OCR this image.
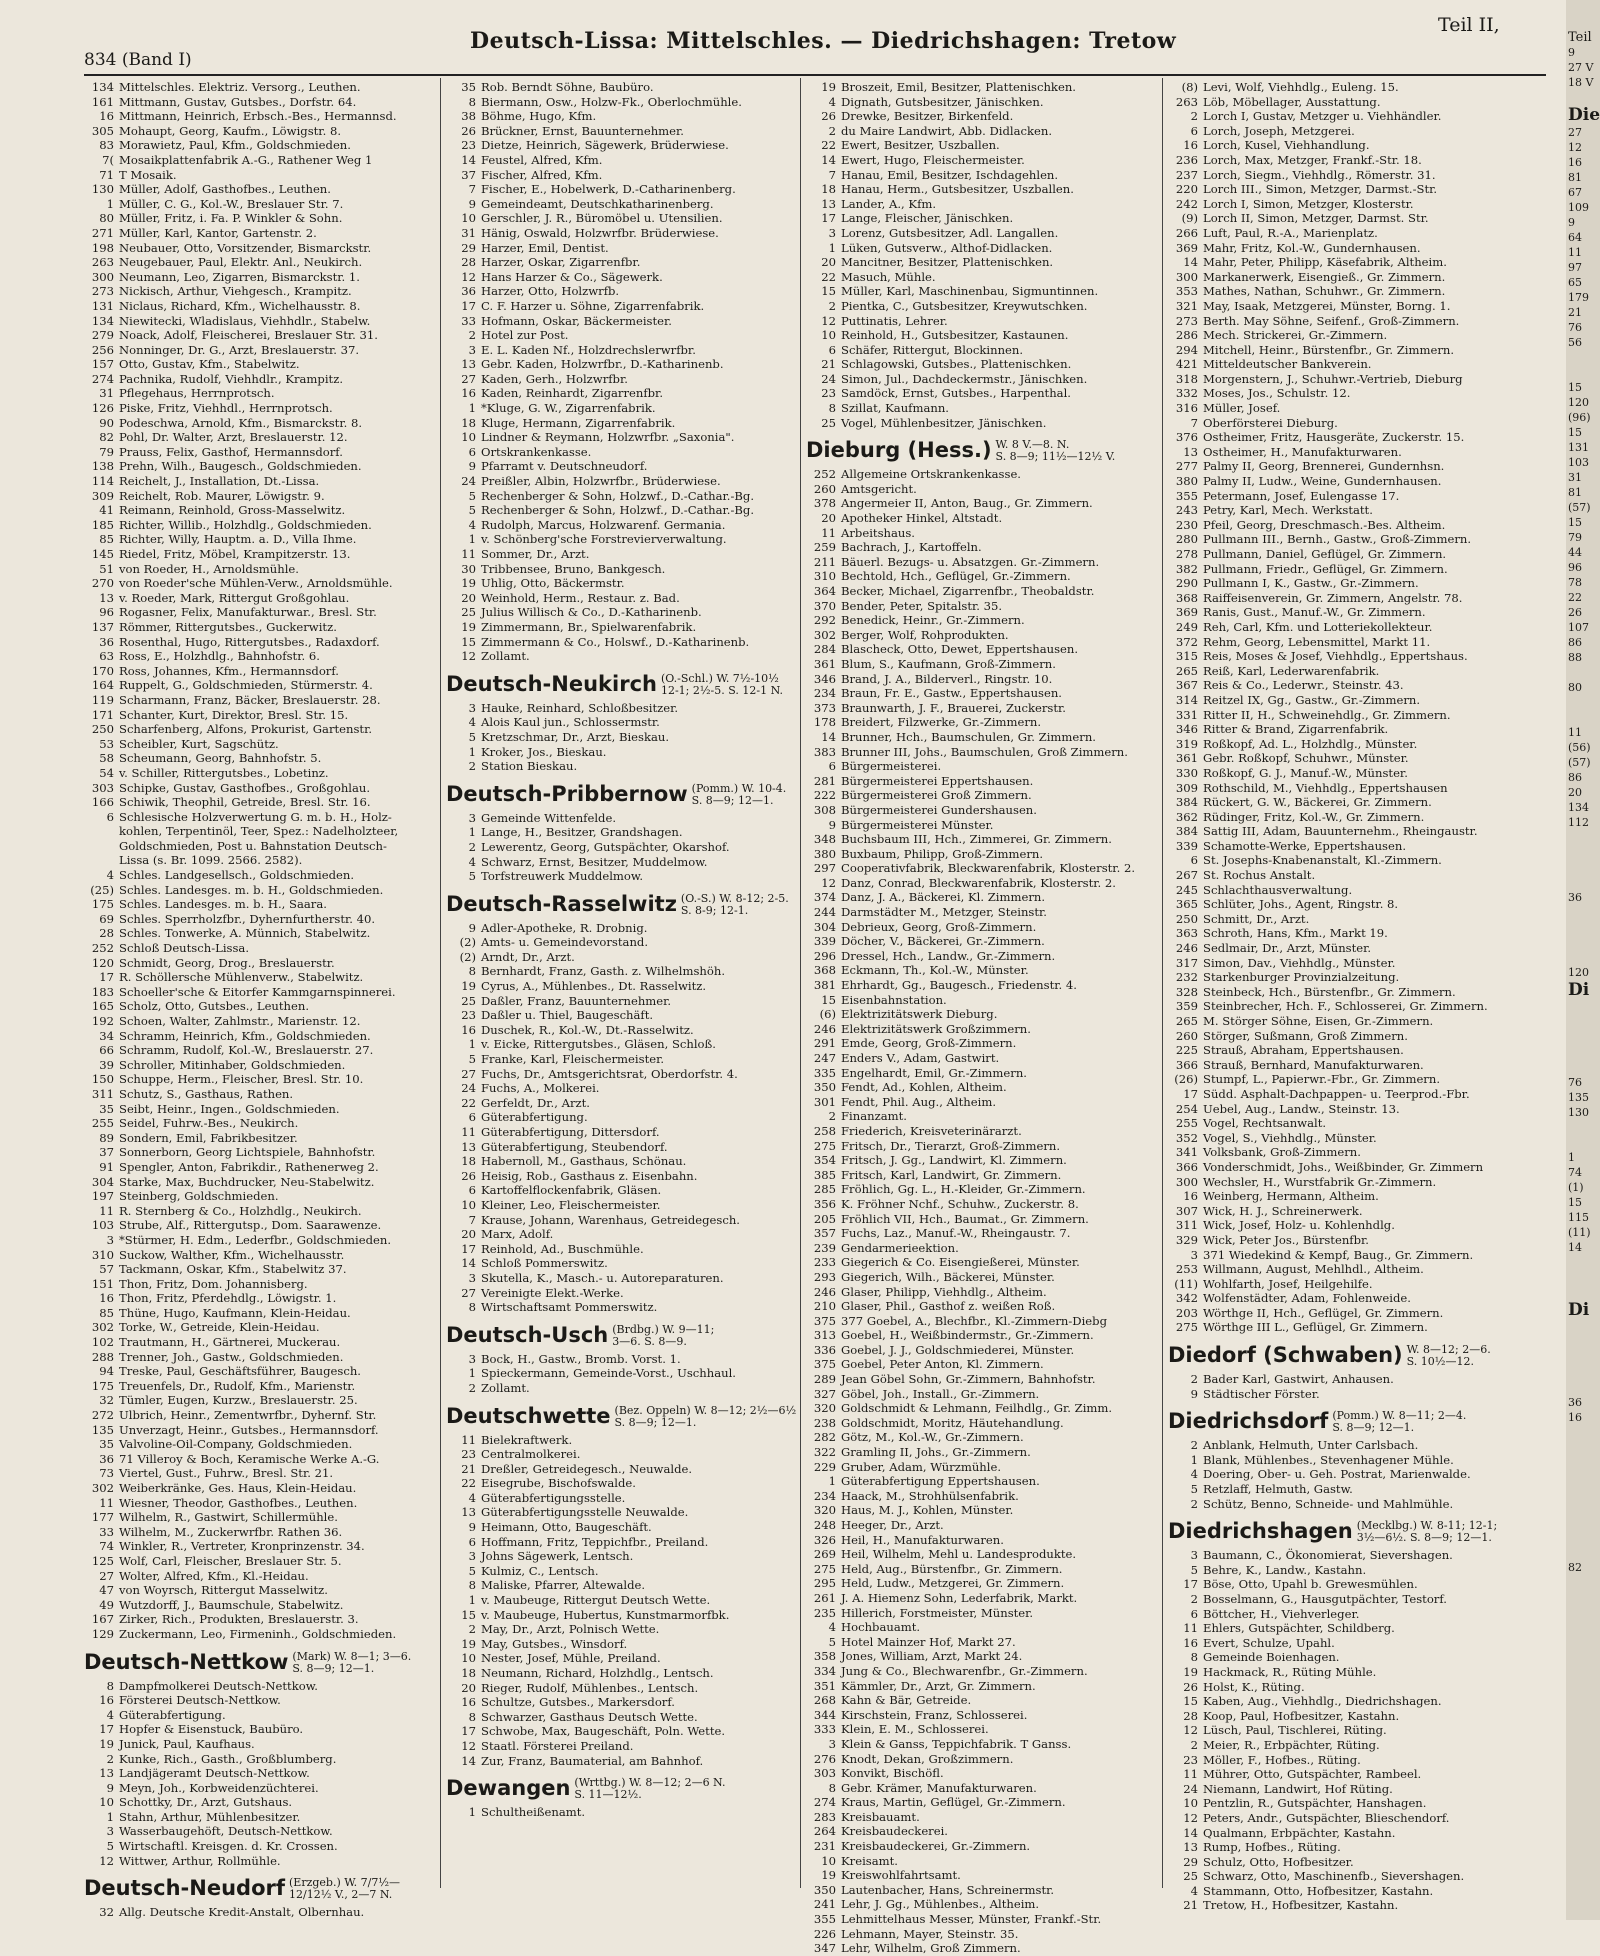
834 (Band I)
Deutsch-Lissa: Mittelschles. — Diedrichshagen: Tretow
Teil II,
134 Mittelschles. Elektriz. Versorg., Leuthen.
161 Mittmann, Gustav, Gutsbes., Dorfstr. 64.
16 Mittmann, Heinrich, Erbsch.-Bes., Hermannsd.
305 Mohaupt, Georg, Kaufm., Löwigstr. 8.
83 Morawietz, Paul, Kfm., Goldschmieden.
7( Mosaikplattenfabrik A.-G., Rathener Weg 1
71 T Mosaik.
130 Müller, Adolf, Gasthofbes., Leuthen.
1 Müller, C. G., Kol.-W., Breslauer Str. 7.
80 Müller, Fritz, i. Fa. P. Winkler & Sohn.
271 Müller, Karl, Kantor, Gartenstr. 2.
198 Neubauer, Otto, Vorsitzender, Bismarckstr.
263 Neugebauer, Paul, Elektr. Anl., Neukirch.
300 Neumann, Leo, Zigarren, Bismarckstr. 1.
273 Nickisch, Arthur, Viehgesch., Krampitz.
131 Niclaus, Richard, Kfm., Wichelhausstr. 8.
134 Niewitecki, Wladislaus, Viehhdlr., Stabelw.
279 Noack, Adolf, Fleischerei, Breslauer Str. 31.
256 Nonninger, Dr. G., Arzt, Breslauerstr. 37.
157 Otto, Gustav, Kfm., Stabelwitz.
274 Pachnika, Rudolf, Viehhdlr., Krampitz.
31 Pflegehaus, Herrnprotsch.
126 Piske, Fritz, Viehhdl., Herrnprotsch.
90 Podeschwa, Arnold, Kfm., Bismarckstr. 8.
82 Pohl, Dr. Walter, Arzt, Breslauerstr. 12.
79 Prauss, Felix, Gasthof, Hermannsdorf.
138 Prehn, Wilh., Baugesch., Goldschmieden.
114 Reichelt, J., Installation, Dt.-Lissa.
309 Reichelt, Rob. Maurer, Löwigstr. 9.
41 Reimann, Reinhold, Gross-Masselwitz.
185 Richter, Willib., Holzhdlg., Goldschmieden.
85 Richter, Willy, Hauptm. a. D., Villa Ihme.
145 Riedel, Fritz, Möbel, Krampitzerstr. 13.
51 von Roeder, H., Arnoldsmühle.
270 von Roeder'sche Mühlen-Verw., Arnoldsmühle.
13 v. Roeder, Mark, Rittergut Großgohlau.
96 Rogasner, Felix, Manufakturwar., Bresl. Str.
137 Römmer, Rittergutsbes., Guckerwitz.
36 Rosenthal, Hugo, Rittergutsbes., Radaxdorf.
63 Ross, E., Holzhdlg., Bahnhofstr. 6.
170 Ross, Johannes, Kfm., Hermannsdorf.
164 Ruppelt, G., Goldschmieden, Stürmerstr. 4.
119 Scharmann, Franz, Bäcker, Breslauerstr. 28.
171 Schanter, Kurt, Direktor, Bresl. Str. 15.
250 Scharfenberg, Alfons, Prokurist, Gartenstr.
53 Scheibler, Kurt, Sagschütz.
58 Scheumann, Georg, Bahnhofstr. 5.
54 v. Schiller, Rittergutsbes., Lobetinz.
303 Schipke, Gustav, Gasthofbes., Großgohlau.
166 Schiwik, Theophil, Getreide, Bresl. Str. 16.
6 Schlesische Holzverwertung G. m. b. H., Holz-
kohlen, Terpentinöl, Teer, Spez.: Nadelholzteer,
Goldschmieden, Post u. Bahnstation Deutsch-
Lissa (s. Br. 1099. 2566. 2582).
4 Schles. Landgesellsch., Goldschmieden.
(25) Schles. Landesges. m. b. H., Goldschmieden.
175 Schles. Landesges. m. b. H., Saara.
69 Schles. Sperrholzfbr., Dyhernfurtherstr. 40.
28 Schles. Tonwerke, A. Münnich, Stabelwitz.
252 Schloß Deutsch-Lissa.
120 Schmidt, Georg, Drog., Breslauerstr.
17 R. Schöllersche Mühlenverw., Stabelwitz.
183 Schoeller'sche & Eitorfer Kammgarnspinnerei.
165 Scholz, Otto, Gutsbes., Leuthen.
192 Schoen, Walter, Zahlmstr., Marienstr. 12.
34 Schramm, Heinrich, Kfm., Goldschmieden.
66 Schramm, Rudolf, Kol.-W., Breslauerstr. 27.
39 Schroller, Mitinhaber, Goldschmieden.
150 Schuppe, Herm., Fleischer, Bresl. Str. 10.
311 Schutz, S., Gasthaus, Rathen.
35 Seibt, Heinr., Ingen., Goldschmieden.
255 Seidel, Fuhrw.-Bes., Neukirch.
89 Sondern, Emil, Fabrikbesitzer.
37 Sonnerborn, Georg Lichtspiele, Bahnhofstr.
91 Spengler, Anton, Fabrikdir., Rathenerweg 2.
304 Starke, Max, Buchdrucker, Neu-Stabelwitz.
197 Steinberg, Goldschmieden.
11 R. Sternberg & Co., Holzhdlg., Neukirch.
103 Strube, Alf., Rittergutsp., Dom. Saarawenze.
3 *Stürmer, H. Edm., Lederfbr., Goldschmieden.
310 Suckow, Walther, Kfm., Wichelhausstr.
57 Tackmann, Oskar, Kfm., Stabelwitz 37.
151 Thon, Fritz, Dom. Johannisberg.
16 Thon, Fritz, Pferdehdlg., Löwigstr. 1.
85 Thüne, Hugo, Kaufmann, Klein-Heidau.
302 Torke, W., Getreide, Klein-Heidau.
102 Trautmann, H., Gärtnerei, Muckerau.
288 Trenner, Joh., Gastw., Goldschmieden.
94 Treske, Paul, Geschäftsführer, Baugesch.
175 Treuenfels, Dr., Rudolf, Kfm., Marienstr.
32 Tümler, Eugen, Kurzw., Breslauerstr. 25.
272 Ulbrich, Heinr., Zementwrfbr., Dyhernf. Str.
135 Unverzagt, Heinr., Gutsbes., Hermannsdorf.
35 Valvoline-Oil-Company, Goldschmieden.
36 71 Villeroy & Boch, Keramische Werke A.-G.
73 Viertel, Gust., Fuhrw., Bresl. Str. 21.
302 Weiberkränke, Ges. Haus, Klein-Heidau.
11 Wiesner, Theodor, Gasthofbes., Leuthen.
177 Wilhelm, R., Gastwirt, Schillermühle.
33 Wilhelm, M., Zuckerwrfbr. Rathen 36.
74 Winkler, R., Vertreter, Kronprinzenstr. 34.
125 Wolf, Carl, Fleischer, Breslauer Str. 5.
27 Wolter, Alfred, Kfm., Kl.-Heidau.
47 von Woyrsch, Rittergut Masselwitz.
49 Wutzdorff, J., Baumschule, Stabelwitz.
167 Zirker, Rich., Produkten, Breslauerstr. 3.
129 Zuckermann, Leo, Firmeninh., Goldschmieden.
Deutsch-Nettkow (Mark) W. 8—1; 3—6.
S. 8—9; 12—1.
8 Dampfmolkerei Deutsch-Nettkow.
16 Försterei Deutsch-Nettkow.
4 Güterabfertigung.
17 Hopfer & Eisenstuck, Baubüro.
19 Junick, Paul, Kaufhaus.
2 Kunke, Rich., Gasth., Großblumberg.
13 Landjägeramt Deutsch-Nettkow.
9 Meyn, Joh., Korbweidenzüchterei.
10 Schottky, Dr., Arzt, Gutshaus.
1 Stahn, Arthur, Mühlenbesitzer.
3 Wasserbaugehöft, Deutsch-Nettkow.
5 Wirtschaftl. Kreisgen. d. Kr. Crossen.
12 Wittwer, Arthur, Rollmühle.
Deutsch-Neudorf (Erzgeb.) W. 7/7½—
12/12½ V., 2—7 N.
32 Allg. Deutsche Kredit-Anstalt, Olbernhau.
35 Rob. Berndt Söhne, Baubüro.
8 Biermann, Osw., Holzw-Fk., Oberlochmühle.
38 Böhme, Hugo, Kfm.
26 Brückner, Ernst, Bauunternehmer.
23 Dietze, Heinrich, Sägewerk, Brüderwiese.
14 Feustel, Alfred, Kfm.
37 Fischer, Alfred, Kfm.
7 Fischer, E., Hobelwerk, D.-Catharinenberg.
9 Gemeindeamt, Deutschkatharinenberg.
10 Gerschler, J. R., Büromöbel u. Utensilien.
31 Hänig, Oswald, Holzwrfbr. Brüderwiese.
29 Harzer, Emil, Dentist.
28 Harzer, Oskar, Zigarrenfbr.
12 Hans Harzer & Co., Sägewerk.
36 Harzer, Otto, Holzwrfb.
17 C. F. Harzer u. Söhne, Zigarrenfabrik.
33 Hofmann, Oskar, Bäckermeister.
2 Hotel zur Post.
3 E. L. Kaden Nf., Holzdrechslerwrfbr.
13 Gebr. Kaden, Holzwrfbr., D.-Katharinenb.
27 Kaden, Gerh., Holzwrfbr.
16 Kaden, Reinhardt, Zigarrenfbr.
1 *Kluge, G. W., Zigarrenfabrik.
18 Kluge, Hermann, Zigarrenfabrik.
10 Lindner & Reymann, Holzwrfbr. „Saxonia".
6 Ortskrankenkasse.
9 Pfarramt v. Deutschneudorf.
24 Preißler, Albin, Holzwrfbr., Brüderwiese.
5 Rechenberger & Sohn, Holzwf., D.-Cathar.-Bg.
5 Rechenberger & Sohn, Holzwf., D.-Cathar.-Bg.
4 Rudolph, Marcus, Holzwarenf. Germania.
1 v. Schönberg'sche Forstrevierverwaltung.
11 Sommer, Dr., Arzt.
30 Tribbensee, Bruno, Bankgesch.
19 Uhlig, Otto, Bäckermstr.
20 Weinhold, Herm., Restaur. z. Bad.
25 Julius Willisch & Co., D.-Katharinenb.
19 Zimmermann, Br., Spielwarenfabrik.
15 Zimmermann & Co., Holswf., D.-Katharinenb.
12 Zollamt.
Deutsch-Neukirch (O.-Schl.) W. 7½-10½
12-1; 2½-5. S. 12-1 N.
3 Hauke, Reinhard, Schloßbesitzer.
4 Alois Kaul jun., Schlossermstr.
5 Kretzschmar, Dr., Arzt, Bieskau.
1 Kroker, Jos., Bieskau.
2 Station Bieskau.
Deutsch-Pribbernow (Pomm.) W. 10-4.
S. 8—9; 12—1.
3 Gemeinde Wittenfelde.
1 Lange, H., Besitzer, Grandshagen.
2 Lewerentz, Georg, Gutspächter, Okarshof.
4 Schwarz, Ernst, Besitzer, Muddelmow.
5 Torfstreuwerk Muddelmow.
Deutsch-Rasselwitz (O.-S.) W. 8-12; 2-5.
S. 8-9; 12-1.
9 Adler-Apotheke, R. Drobnig.
(2) Amts- u. Gemeindevorstand.
(2) Arndt, Dr., Arzt.
8 Bernhardt, Franz, Gasth. z. Wilhelmshöh.
19 Cyrus, A., Mühlenbes., Dt. Rasselwitz.
25 Daßler, Franz, Bauunternehmer.
23 Daßler u. Thiel, Baugeschäft.
16 Duschek, R., Kol.-W., Dt.-Rasselwitz.
1 v. Eicke, Rittergutsbes., Gläsen, Schloß.
5 Franke, Karl, Fleischermeister.
27 Fuchs, Dr., Amtsgerichtsrat, Oberdorfstr. 4.
24 Fuchs, A., Molkerei.
22 Gerfeldt, Dr., Arzt.
6 Güterabfertigung.
11 Güterabfertigung, Dittersdorf.
13 Güterabfertigung, Steubendorf.
18 Habernoll, M., Gasthaus, Schönau.
26 Heisig, Rob., Gasthaus z. Eisenbahn.
6 Kartoffelflockenfabrik, Gläsen.
10 Kleiner, Leo, Fleischermeister.
7 Krause, Johann, Warenhaus, Getreidegesch.
20 Marx, Adolf.
17 Reinhold, Ad., Buschmühle.
14 Schloß Pommerswitz.
3 Skutella, K., Masch.- u. Autoreparaturen.
27 Vereinigte Elekt.-Werke.
8 Wirtschaftsamt Pommerswitz.
Deutsch-Usch (Brdbg.) W. 9—11;
3—6. S. 8—9.
3 Bock, H., Gastw., Bromb. Vorst. 1.
1 Spieckermann, Gemeinde-Vorst., Uschhaul.
2 Zollamt.
Deutschwette (Bez. Oppeln) W. 8—12; 2½—6½
S. 8—9; 12—1.
11 Bielekraftwerk.
23 Centralmolkerei.
21 Dreßler, Getreidegesch., Neuwalde.
22 Eisegrube, Bischofswalde.
4 Güterabfertigungsstelle.
13 Güterabfertigungsstelle Neuwalde.
9 Heimann, Otto, Baugeschäft.
6 Hoffmann, Fritz, Teppichfbr., Preiland.
3 Johns Sägewerk, Lentsch.
5 Kulmiz, C., Lentsch.
8 Maliske, Pfarrer, Altewalde.
1 v. Maubeuge, Rittergut Deutsch Wette.
15 v. Maubeuge, Hubertus, Kunstmarmorfbk.
2 May, Dr., Arzt, Polnisch Wette.
19 May, Gutsbes., Winsdorf.
10 Nester, Josef, Mühle, Preiland.
18 Neumann, Richard, Holzhdlg., Lentsch.
20 Rieger, Rudolf, Mühlenbes., Lentsch.
16 Schultze, Gutsbes., Markersdorf.
8 Schwarzer, Gasthaus Deutsch Wette.
17 Schwobe, Max, Baugeschäft, Poln. Wette.
12 Staatl. Försterei Preiland.
14 Zur, Franz, Baumaterial, am Bahnhof.
Dewangen (Wrttbg.) W. 8—12; 2—6 N.
S. 11—12½.
1 Schultheißenamt.
19 Broszeit, Emil, Besitzer, Plattenischken.
4 Dignath, Gutsbesitzer, Jänischken.
26 Drewke, Besitzer, Birkenfeld.
2 du Maire Landwirt, Abb. Didlacken.
22 Ewert, Besitzer, Uszballen.
14 Ewert, Hugo, Fleischermeister.
7 Hanau, Emil, Besitzer, Ischdagehlen.
18 Hanau, Herm., Gutsbesitzer, Uszballen.
13 Lander, A., Kfm.
17 Lange, Fleischer, Jänischken.
3 Lorenz, Gutsbesitzer, Adl. Langallen.
1 Lüken, Gutsverw., Althof-Didlacken.
20 Mancitner, Besitzer, Plattenischken.
22 Masuch, Mühle.
15 Müller, Karl, Maschinenbau, Sigmuntinnen.
2 Pientka, C., Gutsbesitzer, Kreywutschken.
12 Puttinatis, Lehrer.
10 Reinhold, H., Gutsbesitzer, Kastaunen.
6 Schäfer, Rittergut, Blockinnen.
21 Schlagowski, Gutsbes., Plattenischken.
24 Simon, Jul., Dachdeckermstr., Jänischken.
23 Samdöck, Ernst, Gutsbes., Harpenthal.
8 Szillat, Kaufmann.
25 Vogel, Mühlenbesitzer, Jänischken.
Dieburg (Hess.) W. 8 V.—8. N.
S. 8—9; 11½—12½ V.
252 Allgemeine Ortskrankenkasse.
260 Amtsgericht.
378 Angermeier II, Anton, Baug., Gr. Zimmern.
20 Apotheker Hinkel, Altstadt.
11 Arbeitshaus.
259 Bachrach, J., Kartoffeln.
211 Bäuerl. Bezugs- u. Absatzgen. Gr.-Zimmern.
310 Bechtold, Hch., Geflügel, Gr.-Zimmern.
364 Becker, Michael, Zigarrenfbr., Theobaldstr.
370 Bender, Peter, Spitalstr. 35.
292 Benedick, Heinr., Gr.-Zimmern.
302 Berger, Wolf, Rohprodukten.
284 Blascheck, Otto, Dewet, Eppertshausen.
361 Blum, S., Kaufmann, Groß-Zimmern.
346 Brand, J. A., Bilderverl., Ringstr. 10.
234 Braun, Fr. E., Gastw., Eppertshausen.
373 Braunwarth, J. F., Brauerei, Zuckerstr.
178 Breidert, Filzwerke, Gr.-Zimmern.
14 Brunner, Hch., Baumschulen, Gr. Zimmern.
383 Brunner III, Johs., Baumschulen, Groß Zimmern.
6 Bürgermeisterei.
281 Bürgermeisterei Eppertshausen.
222 Bürgermeisterei Groß Zimmern.
308 Bürgermeisterei Gundershausen.
9 Bürgermeisterei Münster.
348 Buchsbaum III, Hch., Zimmerei, Gr. Zimmern.
380 Buxbaum, Philipp, Groß-Zimmern.
297 Cooperativfabrik, Bleckwarenfabrik, Klosterstr. 2.
12 Danz, Conrad, Bleckwarenfabrik, Klosterstr. 2.
374 Danz, J. A., Bäckerei, Kl. Zimmern.
244 Darmstädter M., Metzger, Steinstr.
304 Debrieux, Georg, Groß-Zimmern.
339 Döcher, V., Bäckerei, Gr.-Zimmern.
296 Dressel, Hch., Landw., Gr.-Zimmern.
368 Eckmann, Th., Kol.-W., Münster.
381 Ehrhardt, Gg., Baugesch., Friedenstr. 4.
15 Eisenbahnstation.
(6) Elektrizitätswerk Dieburg.
246 Elektrizitätswerk Großzimmern.
291 Emde, Georg, Groß-Zimmern.
247 Enders V., Adam, Gastwirt.
335 Engelhardt, Emil, Gr.-Zimmern.
350 Fendt, Ad., Kohlen, Altheim.
301 Fendt, Phil. Aug., Altheim.
2 Finanzamt.
258 Friederich, Kreisveterinärarzt.
275 Fritsch, Dr., Tierarzt, Groß-Zimmern.
354 Fritsch, J. Gg., Landwirt, Kl. Zimmern.
385 Fritsch, Karl, Landwirt, Gr. Zimmern.
285 Fröhlich, Gg. L., H.-Kleider, Gr.-Zimmern.
356 K. Fröhner Nchf., Schuhw., Zuckerstr. 8.
205 Fröhlich VII, Hch., Baumat., Gr. Zimmern.
357 Fuchs, Laz., Manuf.-W., Rheingaustr. 7.
239 Gendarmerieektion.
233 Giegerich & Co. Eisengießerei, Münster.
293 Giegerich, Wilh., Bäckerei, Münster.
246 Glaser, Philipp, Viehhdlg., Altheim.
210 Glaser, Phil., Gasthof z. weißen Roß.
375 377 Goebel, A., Blechfbr., Kl.-Zimmern-Diebg
313 Goebel, H., Weißbindermstr., Gr.-Zimmern.
336 Goebel, J. J., Goldschmiederei, Münster.
375 Goebel, Peter Anton, Kl. Zimmern.
289 Jean Göbel Sohn, Gr.-Zimmern, Bahnhofstr.
327 Göbel, Joh., Install., Gr.-Zimmern.
320 Goldschmidt & Lehmann, Feilhdlg., Gr. Zimm.
238 Goldschmidt, Moritz, Häutehandlung.
282 Götz, M., Kol.-W., Gr.-Zimmern.
322 Gramling II, Johs., Gr.-Zimmern.
229 Gruber, Adam, Würzmühle.
1 Güterabfertigung Eppertshausen.
234 Haack, M., Strohhülsenfabrik.
320 Haus, M. J., Kohlen, Münster.
248 Heeger, Dr., Arzt.
326 Heil, H., Manufakturwaren.
269 Heil, Wilhelm, Mehl u. Landesprodukte.
275 Held, Aug., Bürstenfbr., Gr. Zimmern.
295 Held, Ludw., Metzgerei, Gr. Zimmern.
261 J. A. Hiemenz Sohn, Lederfabrik, Markt.
235 Hillerich, Forstmeister, Münster.
4 Hochbauamt.
5 Hotel Mainzer Hof, Markt 27.
358 Jones, William, Arzt, Markt 24.
334 Jung & Co., Blechwarenfbr., Gr.-Zimmern.
351 Kämmler, Dr., Arzt, Gr. Zimmern.
268 Kahn & Bär, Getreide.
344 Kirschstein, Franz, Schlosserei.
333 Klein, E. M., Schlosserei.
3 Klein & Ganss, Teppichfabrik. T Ganss.
276 Knodt, Dekan, Großzimmern.
303 Konvikt, Bischöfl.
8 Gebr. Krämer, Manufakturwaren.
274 Kraus, Martin, Geflügel, Gr.-Zimmern.
283 Kreisbauamt.
264 Kreisbaudeckerei.
231 Kreisbaudeckerei, Gr.-Zimmern.
10 Kreisamt.
19 Kreiswohlfahrtsamt.
350 Lautenbacher, Hans, Schreinermstr.
241 Lehr, J. Gg., Mühlenbes., Altheim.
355 Lehmittelhaus Messer, Münster, Frankf.-Str.
226 Lehmann, Mayer, Steinstr. 35.
347 Lehr, Wilhelm, Groß Zimmern.
(8) Levi, Wolf, Viehhdlg., Euleng. 15.
263 Löb, Möbellager, Ausstattung.
2 Lorch I, Gustav, Metzger u. Viehhändler.
6 Lorch, Joseph, Metzgerei.
16 Lorch, Kusel, Viehhandlung.
236 Lorch, Max, Metzger, Frankf.-Str. 18.
237 Lorch, Siegm., Viehhdlg., Römerstr. 31.
220 Lorch III., Simon, Metzger, Darmst.-Str.
242 Lorch I, Simon, Metzger, Klosterstr.
(9) Lorch II, Simon, Metzger, Darmst. Str.
266 Luft, Paul, R.-A., Marienplatz.
369 Mahr, Fritz, Kol.-W., Gundernhausen.
14 Mahr, Peter, Philipp, Käsefabrik, Altheim.
300 Markanerwerk, Eisengieß., Gr. Zimmern.
353 Mathes, Nathan, Schuhwr., Gr. Zimmern.
321 May, Isaak, Metzgerei, Münster, Borng. 1.
273 Berth. May Söhne, Seifenf., Groß-Zimmern.
286 Mech. Strickerei, Gr.-Zimmern.
294 Mitchell, Heinr., Bürstenfbr., Gr. Zimmern.
421 Mitteldeutscher Bankverein.
318 Morgenstern, J., Schuhwr.-Vertrieb, Dieburg
332 Moses, Jos., Schulstr. 12.
316 Müller, Josef.
7 Oberförsterei Dieburg.
376 Ostheimer, Fritz, Hausgeräte, Zuckerstr. 15.
13 Ostheimer, H., Manufakturwaren.
277 Palmy II, Georg, Brennerei, Gundernhsn.
380 Palmy II, Ludw., Weine, Gundernhausen.
355 Petermann, Josef, Eulengasse 17.
243 Petry, Karl, Mech. Werkstatt.
230 Pfeil, Georg, Dreschmasch.-Bes. Altheim.
280 Pullmann III., Bernh., Gastw., Groß-Zimmern.
278 Pullmann, Daniel, Geflügel, Gr. Zimmern.
382 Pullmann, Friedr., Geflügel, Gr. Zimmern.
290 Pullmann I, K., Gastw., Gr.-Zimmern.
368 Raiffeisenverein, Gr. Zimmern, Angelstr. 78.
369 Ranis, Gust., Manuf.-W., Gr. Zimmern.
249 Reh, Carl, Kfm. und Lotteriekollekteur.
372 Rehm, Georg, Lebensmittel, Markt 11.
315 Reis, Moses & Josef, Viehhdlg., Eppertshaus.
265 Reiß, Karl, Lederwarenfabrik.
367 Reis & Co., Lederwr., Steinstr. 43.
314 Reitzel IX, Gg., Gastw., Gr.-Zimmern.
331 Ritter II, H., Schweinehdlg., Gr. Zimmern.
346 Ritter & Brand, Zigarrenfabrik.
319 Roßkopf, Ad. L., Holzhdlg., Münster.
361 Gebr. Roßkopf, Schuhwr., Münster.
330 Roßkopf, G. J., Manuf.-W., Münster.
309 Rothschild, M., Viehhdlg., Eppertshausen
384 Rückert, G. W., Bäckerei, Gr. Zimmern.
362 Rüdinger, Fritz, Kol.-W., Gr. Zimmern.
384 Sattig III, Adam, Bauunternehm., Rheingaustr.
339 Schamotte-Werke, Eppertshausen.
6 St. Josephs-Knabenanstalt, Kl.-Zimmern.
267 St. Rochus Anstalt.
245 Schlachthausverwaltung.
365 Schlüter, Johs., Agent, Ringstr. 8.
250 Schmitt, Dr., Arzt.
363 Schroth, Hans, Kfm., Markt 19.
246 Sedlmair, Dr., Arzt, Münster.
317 Simon, Dav., Viehhdlg., Münster.
232 Starkenburger Provinzialzeitung.
328 Steinbeck, Hch., Bürstenfbr., Gr. Zimmern.
359 Steinbrecher, Hch. F., Schlosserei, Gr. Zimmern.
265 M. Störger Söhne, Eisen, Gr.-Zimmern.
260 Störger, Sußmann, Groß Zimmern.
225 Strauß, Abraham, Eppertshausen.
366 Strauß, Bernhard, Manufakturwaren.
(26) Stumpf, L., Papierwr.-Fbr., Gr. Zimmern.
17 Südd. Asphalt-Dachpappen- u. Teerprod.-Fbr.
254 Uebel, Aug., Landw., Steinstr. 13.
255 Vogel, Rechtsanwalt.
352 Vogel, S., Viehhdlg., Münster.
341 Volksbank, Groß-Zimmern.
366 Vonderschmidt, Johs., Weißbinder, Gr. Zimmern
300 Wechsler, H., Wurstfabrik Gr.-Zimmern.
16 Weinberg, Hermann, Altheim.
307 Wick, H. J., Schreinerwerk.
311 Wick, Josef, Holz- u. Kohlenhdlg.
329 Wick, Peter Jos., Bürstenfbr.
3 371 Wiedekind & Kempf, Baug., Gr. Zimmern.
253 Willmann, August, Mehlhdl., Altheim.
(11) Wohlfarth, Josef, Heilgehilfe.
342 Wolfenstädter, Adam, Fohlenweide.
203 Wörthge II, Hch., Geflügel, Gr. Zimmern.
275 Wörthge III L., Geflügel, Gr. Zimmern.
Diedorf (Schwaben) W. 8—12; 2—6.
S. 10½—12.
2 Bader Karl, Gastwirt, Anhausen.
9 Städtischer Förster.
Diedrichsdorf (Pomm.) W. 8—11; 2—4.
S. 8—9; 12—1.
2 Anblank, Helmuth, Unter Carlsbach.
1 Blank, Mühlenbes., Stevenhagener Mühle.
4 Doering, Ober- u. Geh. Postrat, Marienwalde.
5 Retzlaff, Helmuth, Gastw.
2 Schütz, Benno, Schneide- und Mahlmühle.
Diedrichshagen (Mecklbg.) W. 8-11; 12-1;
3½—6½. S. 8—9; 12—1.
3 Baumann, C., Ökonomierat, Sievershagen.
5 Behre, K., Landw., Kastahn.
17 Böse, Otto, Upahl b. Grewesmühlen.
2 Bosselmann, G., Hausgutpächter, Testorf.
6 Böttcher, H., Viehverleger.
11 Ehlers, Gutspächter, Schildberg.
16 Evert, Schulze, Upahl.
8 Gemeinde Boienhagen.
19 Hackmack, R., Rüting Mühle.
26 Holst, K., Rüting.
15 Kaben, Aug., Viehhdlg., Diedrichshagen.
28 Koop, Paul, Hofbesitzer, Kastahn.
12 Lüsch, Paul, Tischlerei, Rüting.
2 Meier, R., Erbpächter, Rüting.
23 Möller, F., Hofbes., Rüting.
11 Mührer, Otto, Gutspächter, Rambeel.
24 Niemann, Landwirt, Hof Rüting.
10 Pentzlin, R., Gutspächter, Hanshagen.
12 Peters, Andr., Gutspächter, Blieschendorf.
14 Qualmann, Erbpächter, Kastahn.
13 Rump, Hofbes., Rüting.
29 Schulz, Otto, Hofbesitzer.
25 Schwarz, Otto, Maschinenfb., Sievershagen.
4 Stammann, Otto, Hofbesitzer, Kastahn.
21 Tretow, H., Hofbesitzer, Kastahn.
Teil
9
27 V
18 V

Die
27
12
16
81
67
109
9
64
11
97
65
179
21
76
56

15
120
(96)
15
131
103
31
81
(57)
15
79
44
96
78
22
26
107
86
88

80

11
(56)
(57)
86
20
134
112

36

120
Di

76
135
130

1
74
(1)
15
115
(11)
14

Di

36
16

82
